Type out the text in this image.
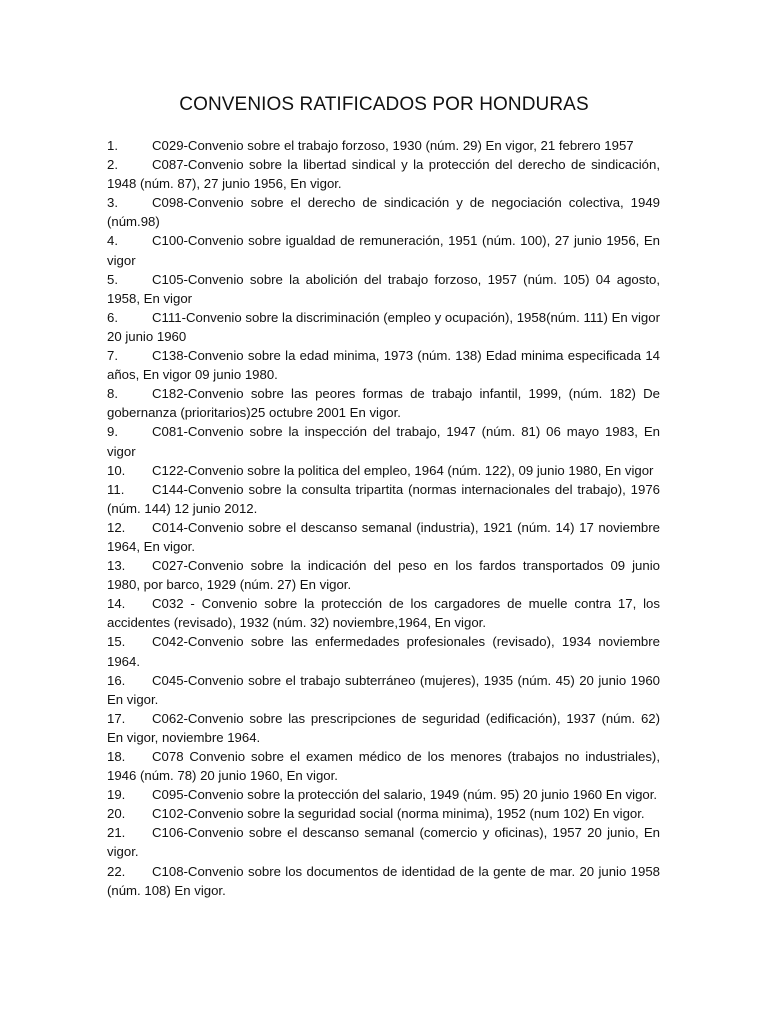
CONVENIOS RATIFICADOS POR HONDURAS
1.	C029-Convenio sobre el trabajo forzoso, 1930 (núm. 29) En vigor, 21 febrero 1957
2.	C087-Convenio sobre la libertad sindical y la protección del derecho de sindicación, 1948 (núm. 87), 27 junio 1956, En vigor.
3.	C098-Convenio sobre el derecho de sindicación y de negociación colectiva, 1949 (núm.98)
4.	C100-Convenio sobre igualdad de remuneración, 1951 (núm. 100), 27 junio 1956, En vigor
5.	C105-Convenio sobre la abolición del trabajo forzoso, 1957 (núm. 105) 04 agosto, 1958, En vigor
6.	C111-Convenio sobre la discriminación (empleo y ocupación), 1958(núm. 111) En vigor 20 junio 1960
7.	C138-Convenio sobre la edad minima, 1973 (núm. 138) Edad minima especificada 14 años, En vigor 09 junio 1980.
8.	C182-Convenio sobre las peores formas de trabajo infantil, 1999, (núm. 182) De gobernanza (prioritarios)25 octubre 2001 En vigor.
9.	C081-Convenio sobre la inspección del trabajo, 1947 (núm. 81) 06 mayo 1983, En vigor
10. C122-Convenio sobre la politica del empleo, 1964 (núm. 122), 09 junio 1980, En vigor
11. C144-Convenio sobre la consulta tripartita (normas internacionales del trabajo), 1976 (núm. 144) 12 junio 2012.
12. C014-Convenio sobre el descanso semanal (industria), 1921 (núm. 14) 17 noviembre 1964, En vigor.
13. C027-Convenio sobre la indicación del peso en los fardos transportados 09 junio 1980, por barco, 1929 (núm. 27) En vigor.
14. C032 - Convenio sobre la protección de los cargadores de muelle contra 17, los accidentes (revisado), 1932 (núm. 32) noviembre,1964, En vigor.
15. C042-Convenio sobre las enfermedades profesionales (revisado), 1934 noviembre 1964.
16. C045-Convenio sobre el trabajo subterráneo (mujeres), 1935 (núm. 45) 20 junio 1960 En vigor.
17. C062-Convenio sobre las prescripciones de seguridad (edificación), 1937 (núm. 62) En vigor, noviembre 1964.
18. C078 Convenio sobre el examen médico de los menores (trabajos no industriales), 1946 (núm. 78) 20 junio 1960, En vigor.
19. C095-Convenio sobre la protección del salario, 1949 (núm. 95) 20 junio 1960 En vigor.
20. C102-Convenio sobre la seguridad social (norma minima), 1952 (num 102) En vigor.
21. C106-Convenio sobre el descanso semanal (comercio y oficinas), 1957 20 junio, En vigor.
22. C108-Convenio sobre los documentos de identidad de la gente de mar. 20 junio 1958 (núm. 108) En vigor.
